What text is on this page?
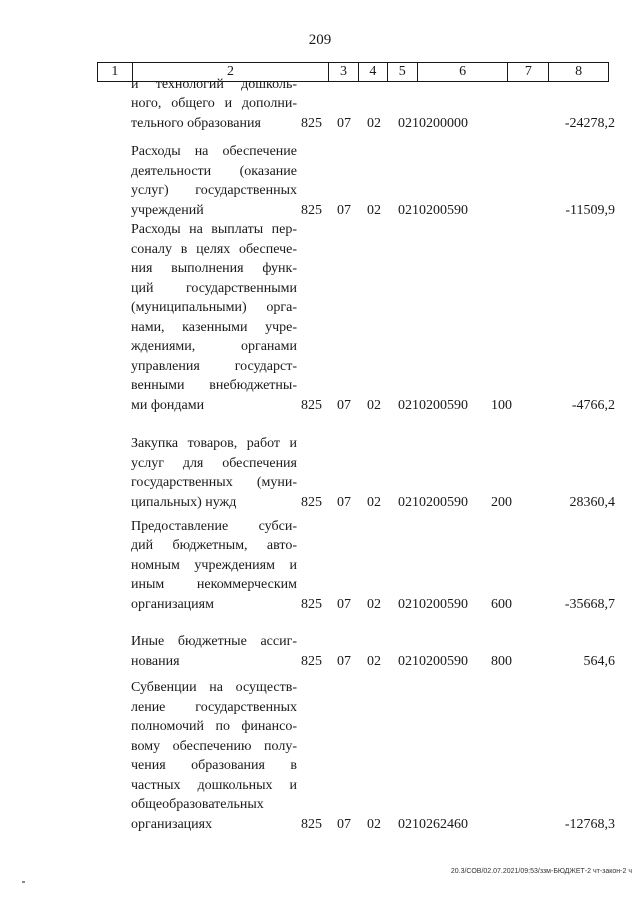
209
1	2	3	4	5	6	7	8
и технологий дошколь-
ного, общего и дополни-
тельного образования	825 07 02 0210200000	-24278,2
Расходы на обеспечение
деятельности (оказание
услуг) государственных
учреждений	825 07 02 0210200590	-11509,9
Расходы на выплаты пер-
соналу в целях обеспече-
ния выполнения функ-
ций государственными
(муниципальными) орга-
нами, казенными учре-
ждениями, органами
управления государст-
венными внебюджетны-
ми фондами	825 07 02 0210200590 100	-4766,2
Закупка товаров, работ и
услуг для обеспечения
государственных (муни-
ципальных) нужд	825 07 02 0210200590 200	28360,4
Предоставление субси-
дий бюджетным, авто-
номным учреждениям и
иным некоммерческим
организациям	825 07 02 0210200590 600	-35668,7
Иные бюджетные ассиг-
нования	825 07 02 0210200590 800	564,6
Субвенции на осуществ-
ление государственных
полномочий по финансо-
вому обеспечению полу-
чения образования в
частных дошкольных и
общеобразовательных
организациях	825 07 02 0210262460	-12768,3
20.3/СОВ/02.07.2021/09:53/ззм-БЮДЖЕТ-2 чт-закон-2 ч
